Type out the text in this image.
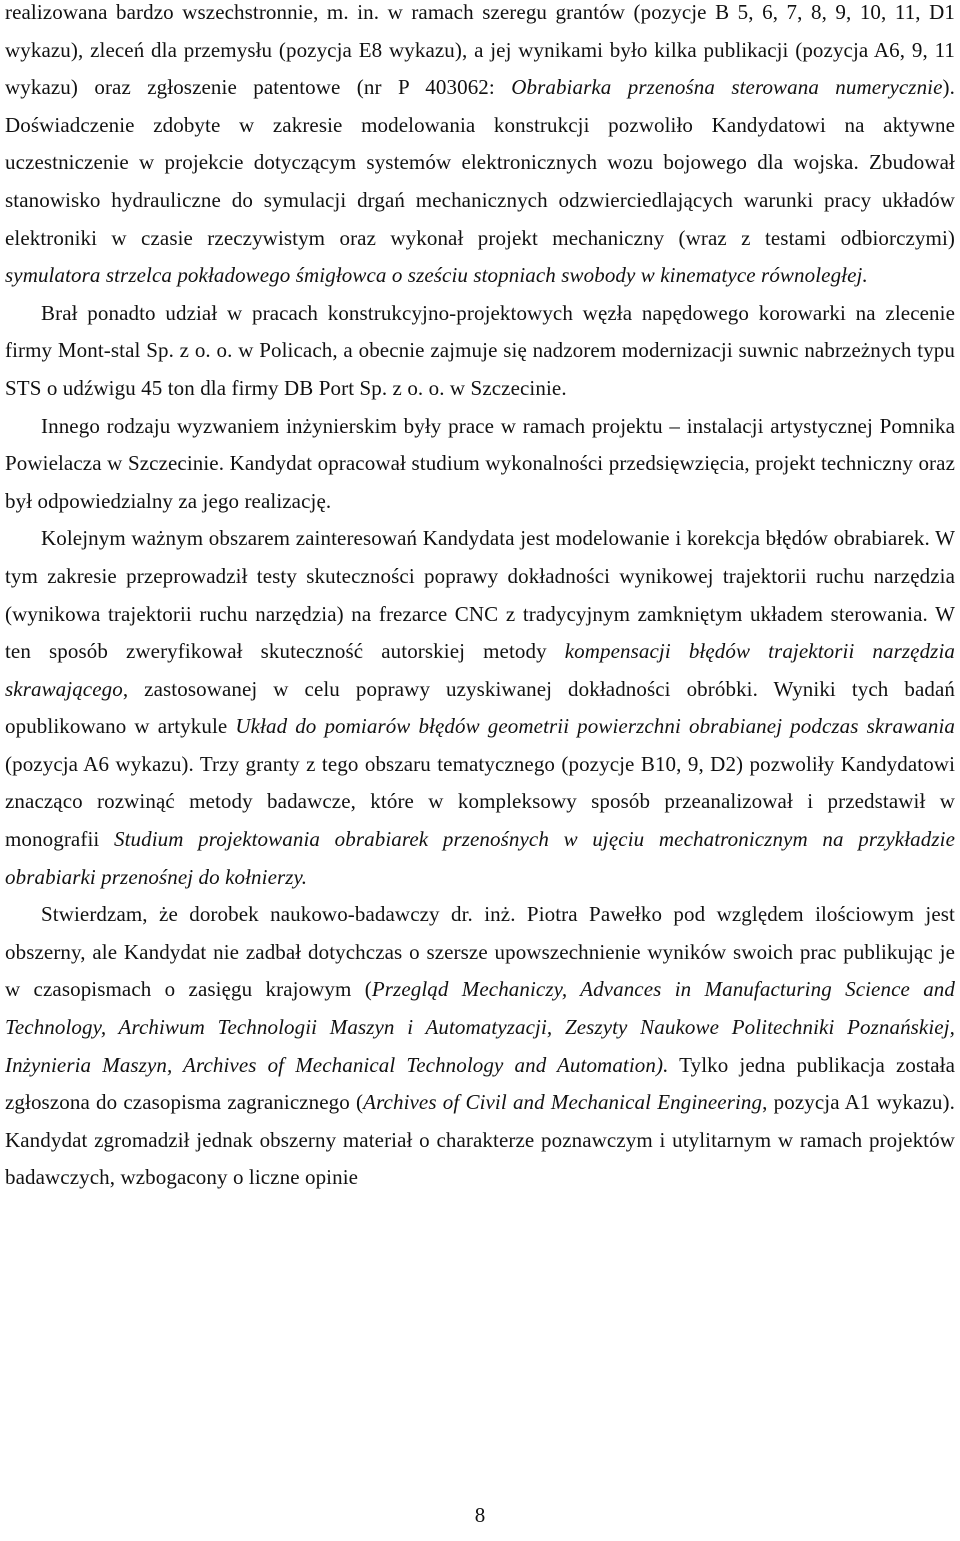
realizowana bardzo wszechstronnie, m. in. w ramach szeregu grantów (pozycje B 5, 6, 7, 8, 9, 10, 11, D1 wykazu), zleceń dla przemysłu (pozycja E8 wykazu), a jej wynikami było kilka publikacji (pozycja A6, 9, 11 wykazu) oraz zgłoszenie patentowe (nr P 403062: Obrabiarka przenośna sterowana numerycznie). Doświadczenie zdobyte w zakresie modelowania konstrukcji pozwoliło Kandydatowi na aktywne uczestniczenie w projekcie dotyczącym systemów elektronicznych wozu bojowego dla wojska. Zbudował stanowisko hydrauliczne do symulacji drgań mechanicznych odzwierciedlających warunki pracy układów elektroniki w czasie rzeczywistym oraz wykonał projekt mechaniczny (wraz z testami odbiorczymi) symulatora strzelca pokładowego śmigłowca o sześciu stopniach swobody w kinematyce równoległej.

Brał ponadto udział w pracach konstrukcyjno-projektowych węzła napędowego korowarki na zlecenie firmy Mont-stal Sp. z o. o. w Policach, a obecnie zajmuje się nadzorem modernizacji suwnic nabrzeżnych typu STS o udźwigu 45 ton dla firmy DB Port Sp. z o. o. w Szczecinie.

Innego rodzaju wyzwaniem inżynierskim były prace w ramach projektu – instalacji artystycznej Pomnika Powielacza w Szczecinie. Kandydat opracował studium wykonalności przedsięwzięcia, projekt techniczny oraz był odpowiedzialny za jego realizację.

Kolejnym ważnym obszarem zainteresowań Kandydata jest modelowanie i korekcja błędów obrabiarek. W tym zakresie przeprowadził testy skuteczności poprawy dokładności wynikowej trajektorii ruchu narzędzia (wynikowa trajektorii ruchu narzędzia) na frezarce CNC z tradycyjnym zamkniętym układem sterowania. W ten sposób zweryfikował skuteczność autorskiej metody kompensacji błędów trajektorii narzędzia skrawającego, zastosowanej w celu poprawy uzyskiwanej dokładności obróbki. Wyniki tych badań opublikowano w artykule Układ do pomiarów błędów geometrii powierzchni obrabianej podczas skrawania (pozycja A6 wykazu). Trzy granty z tego obszaru tematycznego (pozycje B10, 9, D2) pozwoliły Kandydatowi znacząco rozwinąć metody badawcze, które w kompleksowy sposób przeanalizował i przedstawił w monografii Studium projektowania obrabiarek przenośnych w ujęciu mechatronicznym na przykładzie obrabiarki przenośnej do kołnierzy.

Stwierdzam, że dorobek naukowo-badawczy dr. inż. Piotra Pawełko pod względem ilościowym jest obszerny, ale Kandydat nie zadbał dotychczas o szersze upowszechnienie wyników swoich prac publikując je w czasopismach o zasięgu krajowym (Przegląd Mechaniczy, Advances in Manufacturing Science and Technology, Archiwum Technologii Maszyn i Automatyzacji, Zeszyty Naukowe Politechniki Poznańskiej, Inżynieria Maszyn, Archives of Mechanical Technology and Automation). Tylko jedna publikacja została zgłoszona do czasopisma zagranicznego (Archives of Civil and Mechanical Engineering, pozycja A1 wykazu). Kandydat zgromadził jednak obszerny materiał o charakterze poznawczym i utylitarnym w ramach projektów badawczych, wzbogacony o liczne opinie

8
